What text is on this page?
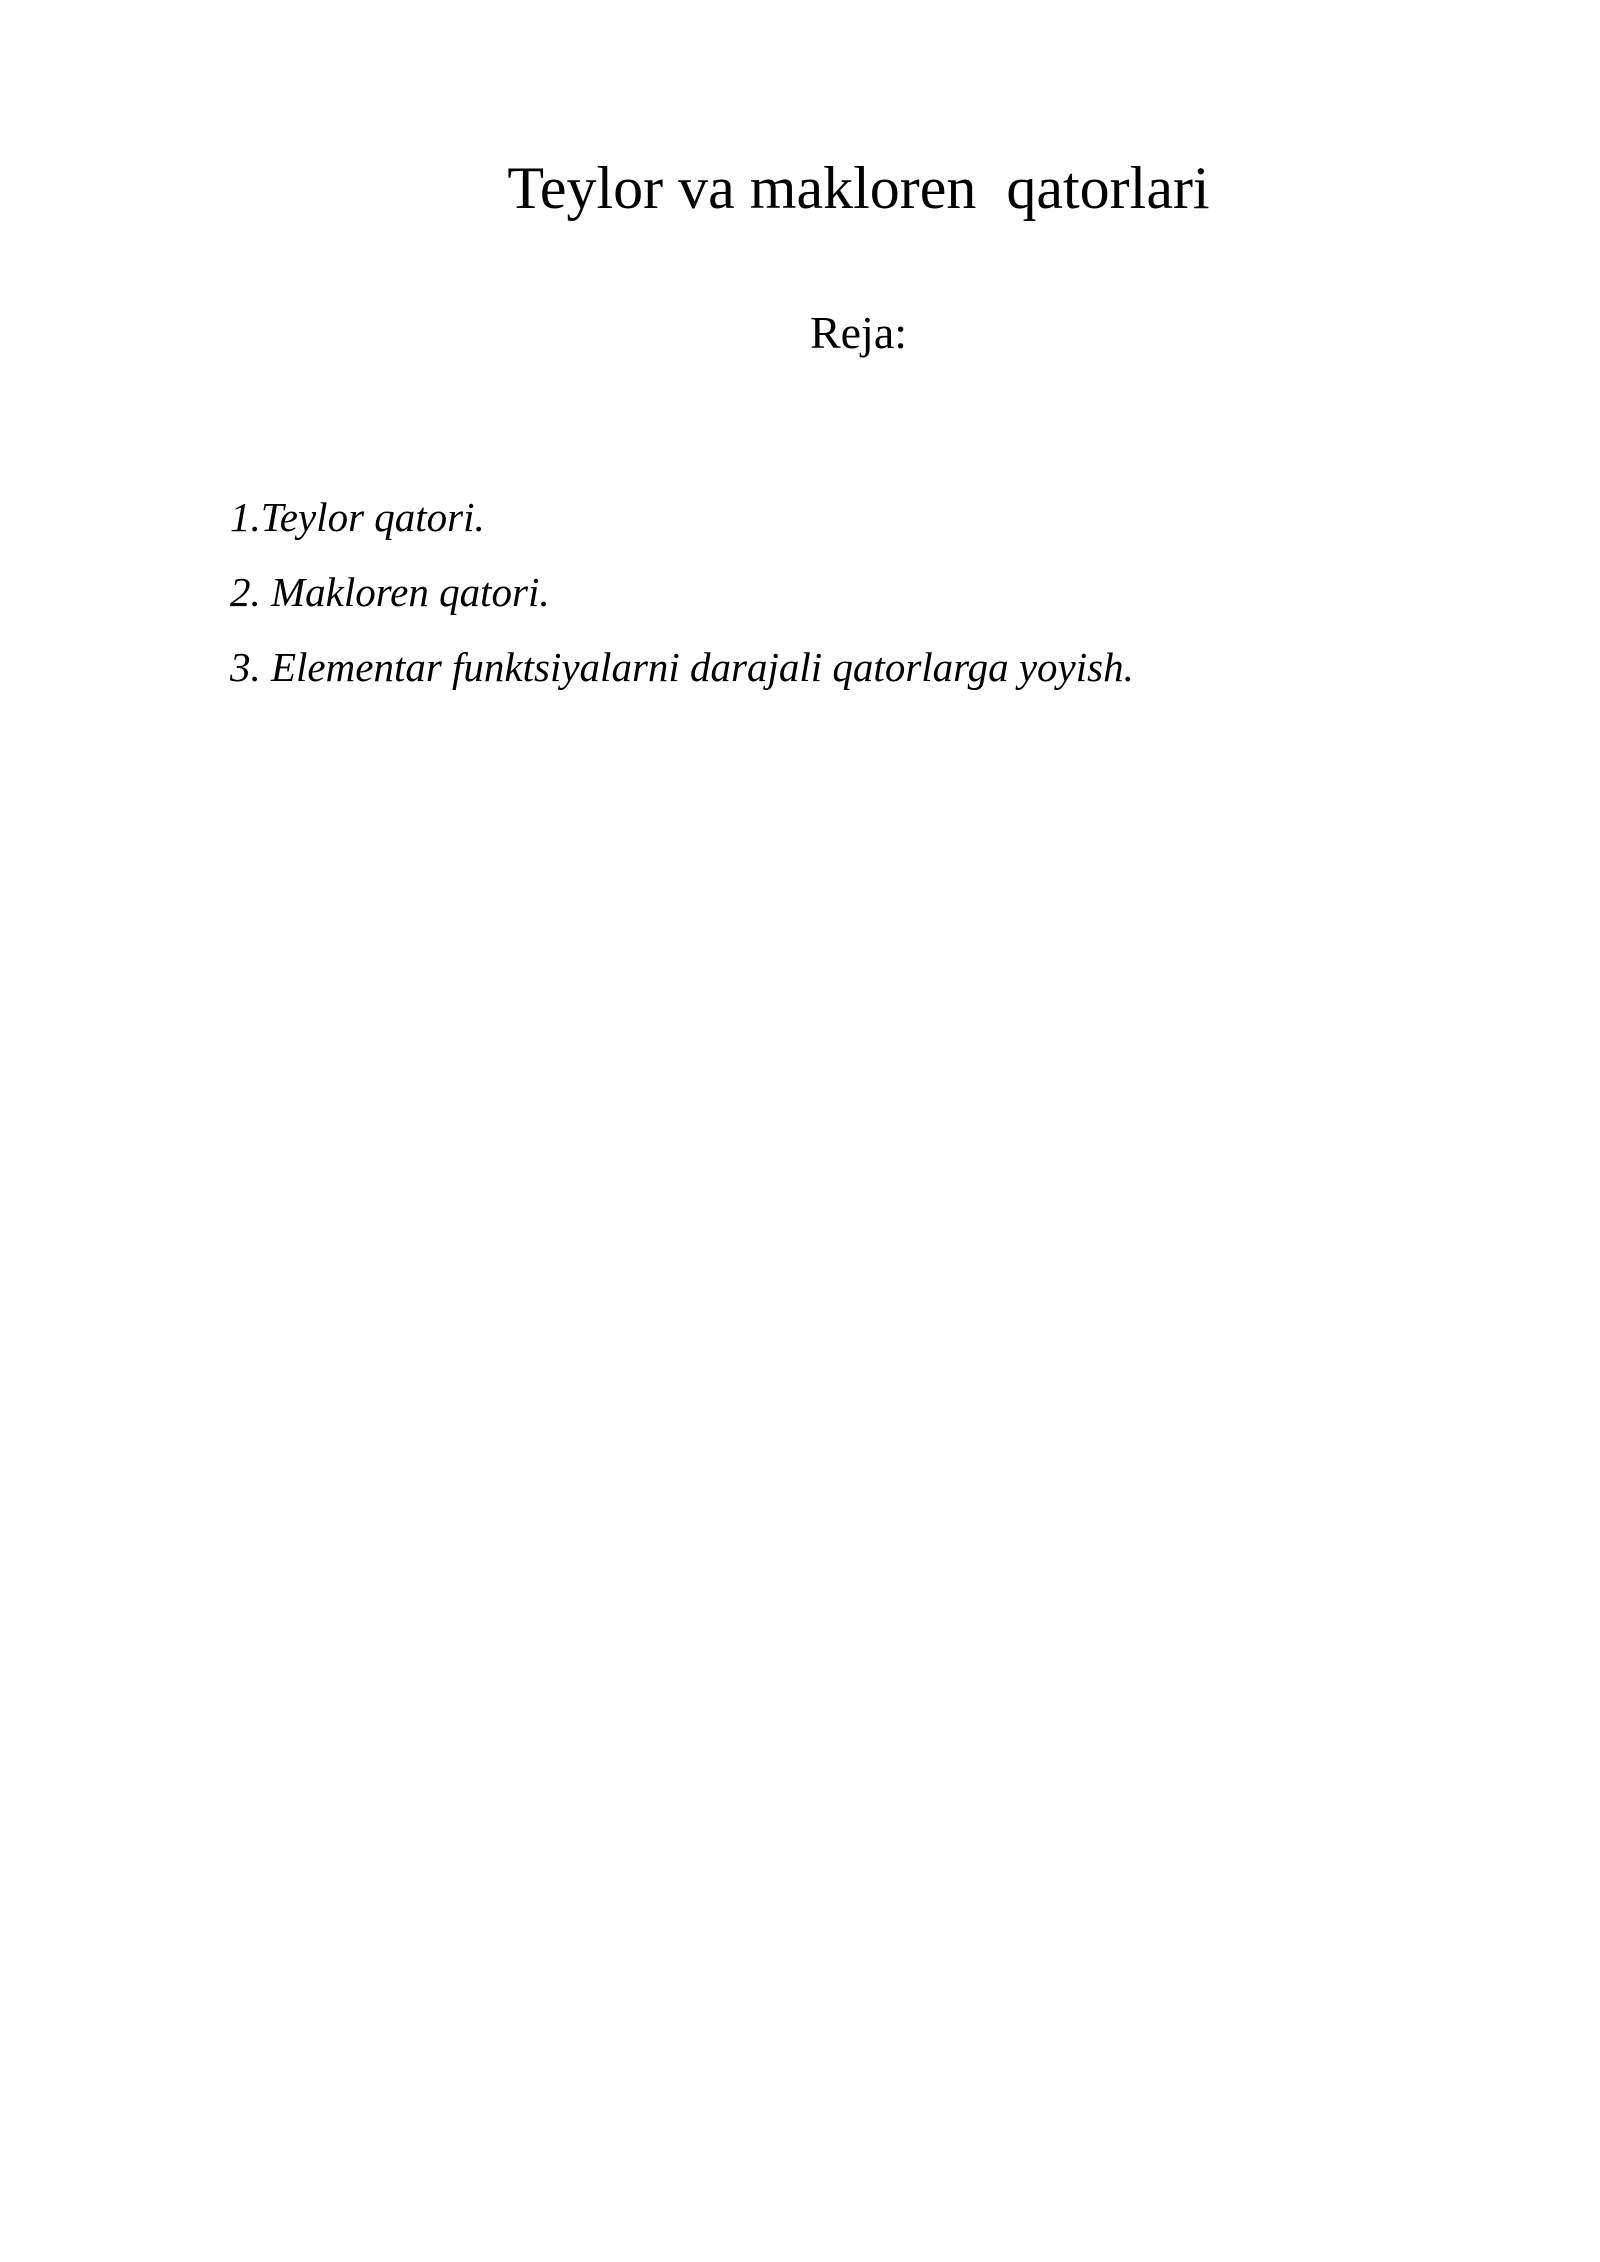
Teylor va makloren  qatorlari
Reja:
1.Teylor qatori.
2. Makloren qatori.
3. Elementar funktsiyalarni darajali qatorlarga yoyish.
